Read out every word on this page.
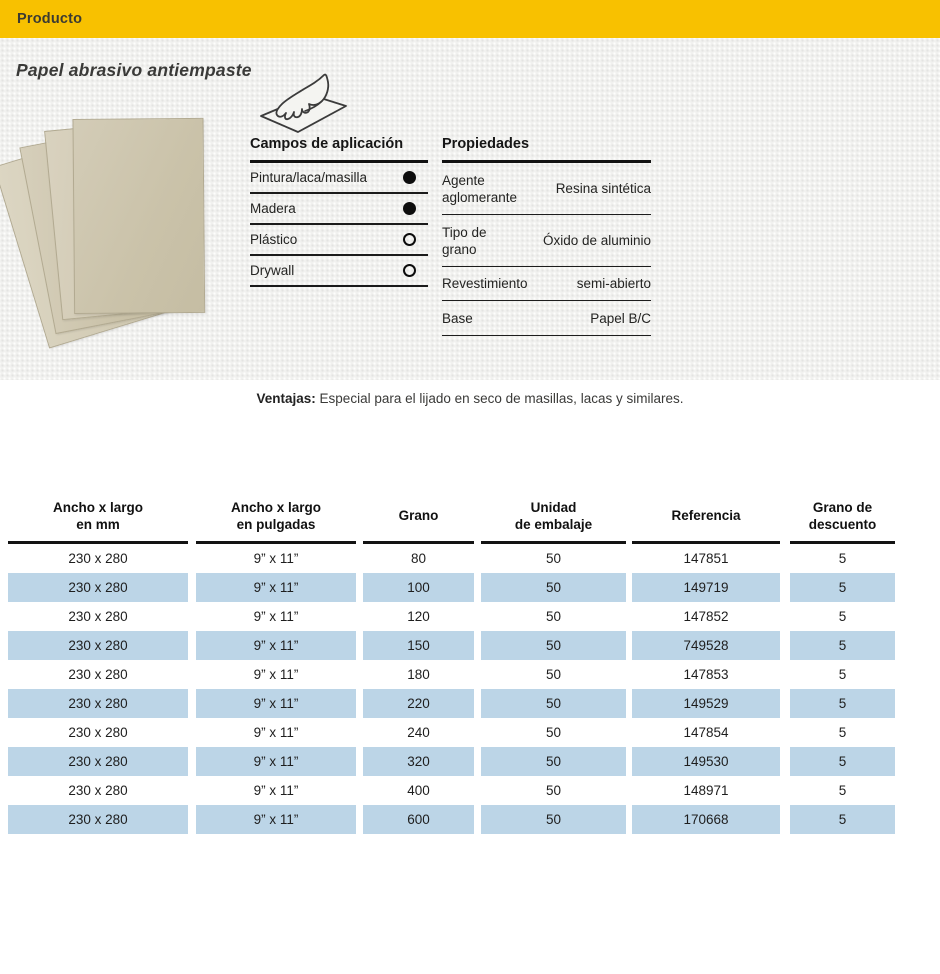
Producto
Papel abrasivo antiempaste
Campos de aplicación
Pintura/laca/masilla
Madera
Plástico
Drywall
Propiedades
Agente aglomerante
Resina sintética
Tipo de grano
Óxido de aluminio
Revestimiento	semi-abierto
Base	Papel B/C
Ventajas: Especial para el lijado en seco de masillas, lacas y similares.
Ancho x largo
en mm
230 x 280
230 x 280
230 x 280
230 x 280
230 x 280
230 x 280
230 x 280
230 x 280
230 x 280
230 x 280
Ancho x largo
en pulgadas
9” x 11”
9” x 11”
9” x 11”
9” x 11”
9” x 11”
9” x 11”
9” x 11”
9” x 11”
9” x 11”
9” x 11”
Grano
80
100
120
150
180
220
240
320
400
600
Unidad
de embalaje
50
50
50
50
50
50
50
50
50
50
Referencia
147851
149719
147852
749528
147853
149529
147854
149530
148971
170668
Grano de
descuento
5
5
5
5
5
5
5
5
5
5
